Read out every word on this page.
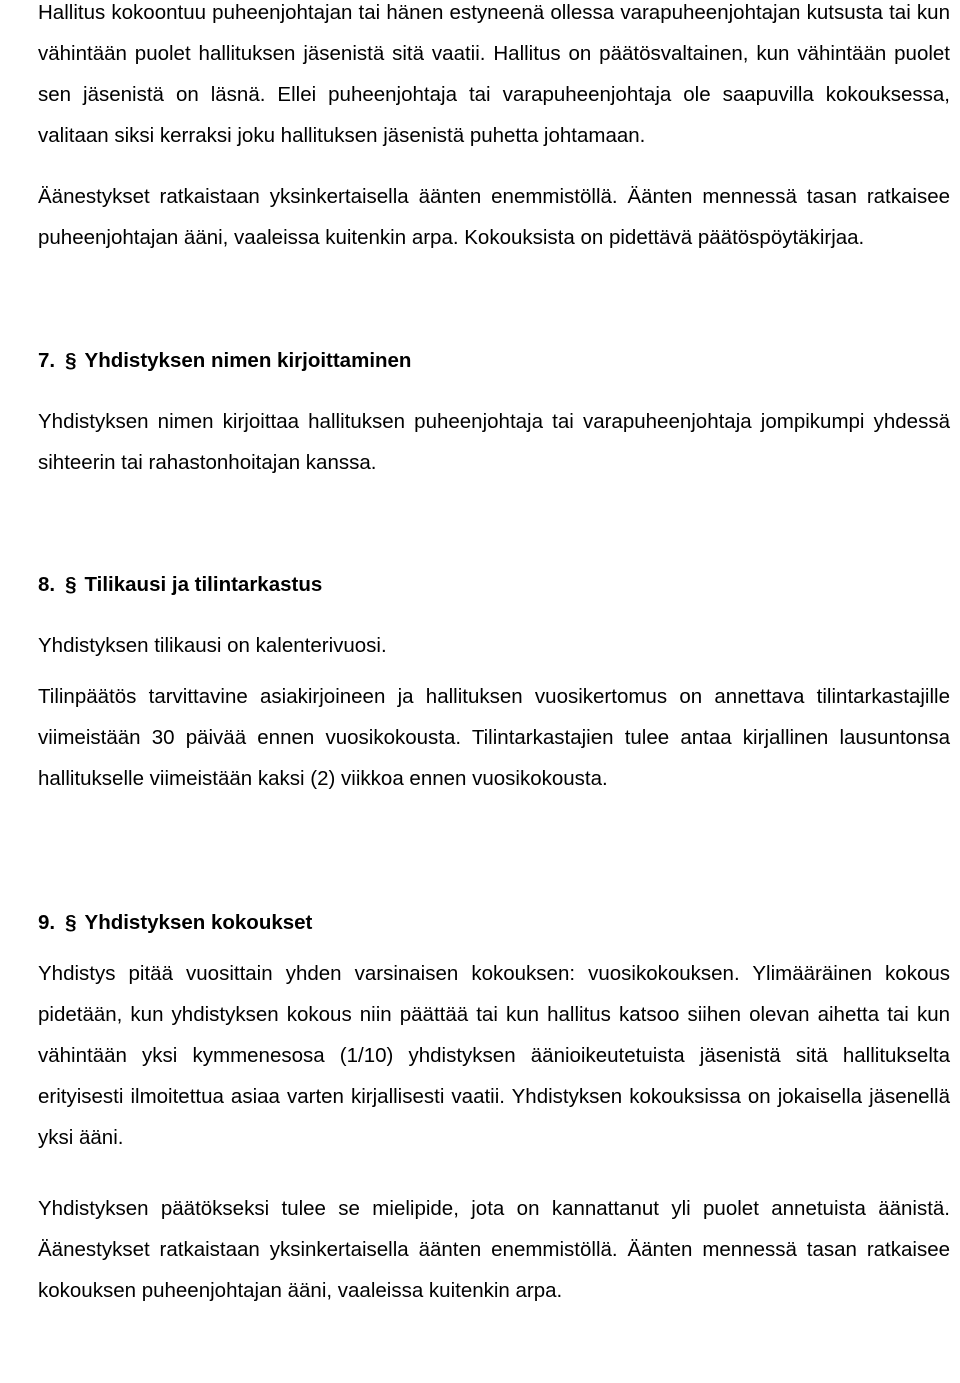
Hallitus kokoontuu puheenjohtajan tai hänen estyneenä ollessa varapuheenjohtajan kutsusta tai kun vähintään puolet hallituksen jäsenistä sitä vaatii. Hallitus on päätösvaltainen, kun vähintään puolet sen jäsenistä on läsnä. Ellei puheenjohtaja tai varapuheenjohtaja ole saapuvilla kokouksessa, valitaan siksi kerraksi joku hallituksen jäsenistä puhetta johtamaan.

Äänestykset ratkaistaan yksinkertaisella äänten enemmistöllä. Äänten mennessä tasan ratkaisee puheenjohtajan ääni, vaaleissa kuitenkin arpa. Kokouksista on pidettävä päätöspöytäkirjaa.

7. § Yhdistyksen nimen kirjoittaminen

Yhdistyksen nimen kirjoittaa hallituksen puheenjohtaja tai varapuheenjohtaja jompikumpi yhdessä sihteerin tai rahastonhoitajan kanssa.

8. § Tilikausi ja tilintarkastus

Yhdistyksen tilikausi on kalenterivuosi.

Tilinpäätös tarvittavine asiakirjoineen ja hallituksen vuosikertomus on annettava tilintarkastajille viimeistään 30 päivää ennen vuosikokousta. Tilintarkastajien tulee antaa kirjallinen lausuntonsa hallitukselle viimeistään kaksi (2) viikkoa ennen vuosikokousta.

9. § Yhdistyksen kokoukset

Yhdistys pitää vuosittain yhden varsinaisen kokouksen: vuosikokouksen. Ylimääräinen kokous pidetään, kun yhdistyksen kokous niin päättää tai kun hallitus katsoo siihen olevan aihetta tai kun vähintään yksi kymmenesosa (1/10) yhdistyksen äänioikeutetuista jäsenistä sitä hallitukselta erityisesti ilmoitettua asiaa varten kirjallisesti vaatii. Yhdistyksen kokouksissa on jokaisella jäsenellä yksi ääni.

Yhdistyksen päätökseksi tulee se mielipide, jota on kannattanut yli puolet annetuista äänistä. Äänestykset ratkaistaan yksinkertaisella äänten enemmistöllä. Äänten mennessä tasan ratkaisee kokouksen puheenjohtajan ääni, vaaleissa kuitenkin arpa.
